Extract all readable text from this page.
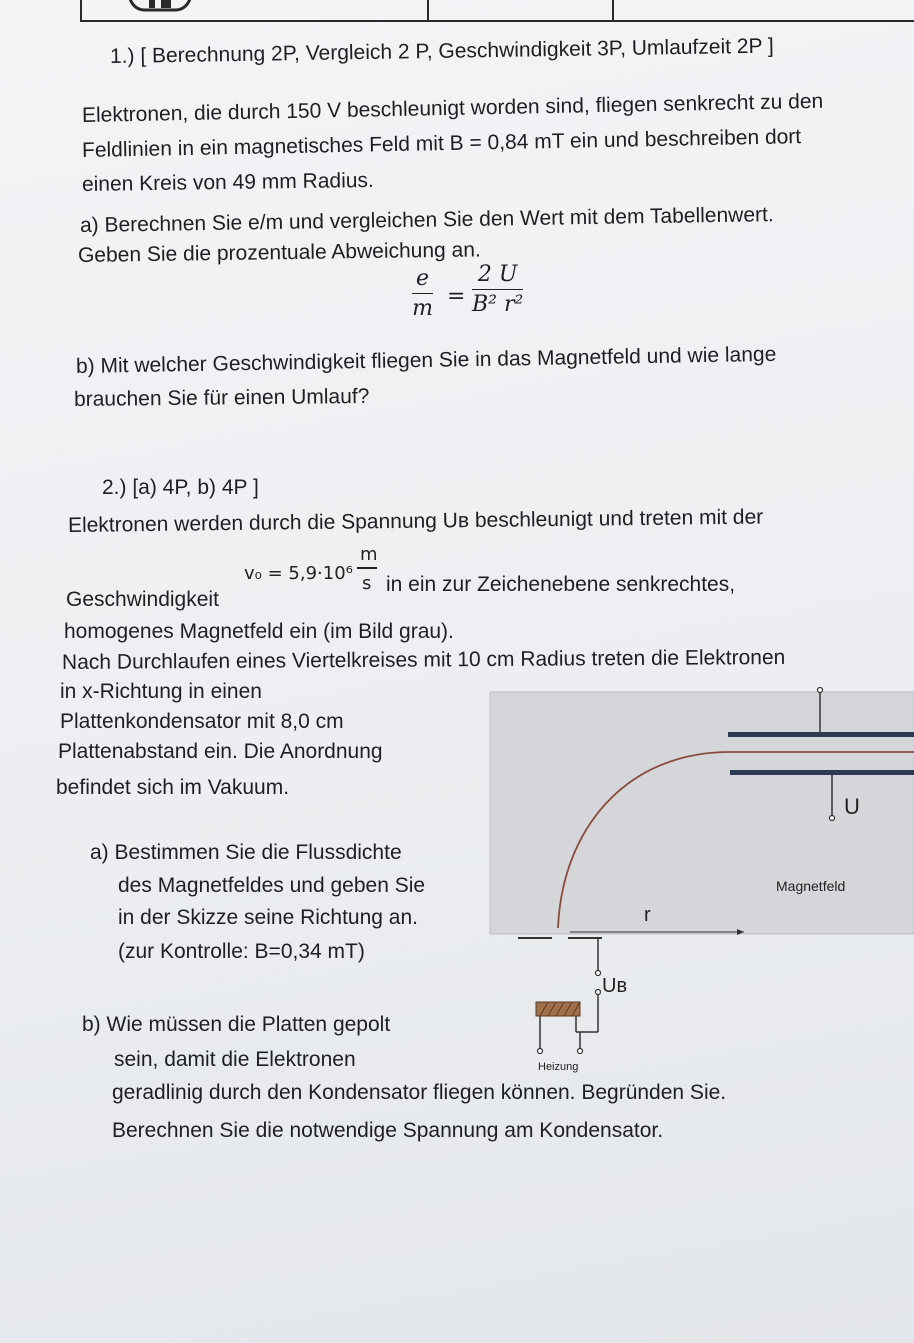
1.) [ Berechnung 2P, Vergleich 2 P, Geschwindigkeit 3P, Umlaufzeit 2P ]
Elektronen, die durch 150 V beschleunigt worden sind, fliegen senkrecht zu den
Feldlinien in ein magnetisches Feld mit B = 0,84 mT ein und beschreiben dort
einen Kreis von 49 mm Radius.
a) Berechnen Sie e/m und vergleichen Sie den Wert mit dem Tabellenwert.
Geben Sie die prozentuale Abweichung an.
$\frac{e}{m} = \frac{2 U}{\text{B² r²}}$
b) Mit welcher Geschwindigkeit fliegen Sie in das Magnetfeld und wie lange
brauchen Sie für einen Umlauf?
2.) [a) 4P, b) 4P ]
Elektronen werden durch die Spannung Uʙ beschleunigt und treten mit der
Geschwindigkeit
v₀ = 5,9·10⁶
m
s in ein zur Zeichenebene senkrechtes,
homogenes Magnetfeld ein (im Bild grau).
Nach Durchlaufen eines Viertelkreises mit 10 cm Radius treten die Elektronen
in x-Richtung in einen
Plattenkondensator mit 8,0 cm
Plattenabstand ein. Die Anordnung
befindet sich im Vakuum.
a) Bestimmen Sie die Flussdichte
des Magnetfeldes und geben Sie
in der Skizze seine Richtung an.
(zur Kontrolle: B=0,34 mT)
b) Wie müssen die Platten gepolt
sein, damit die Elektronen
geradlinig durch den Kondensator fliegen können. Begründen Sie.
Berechnen Sie die notwendige Spannung am Kondensator.
U
Magnetfeld
r
Uʙ
Heizung
